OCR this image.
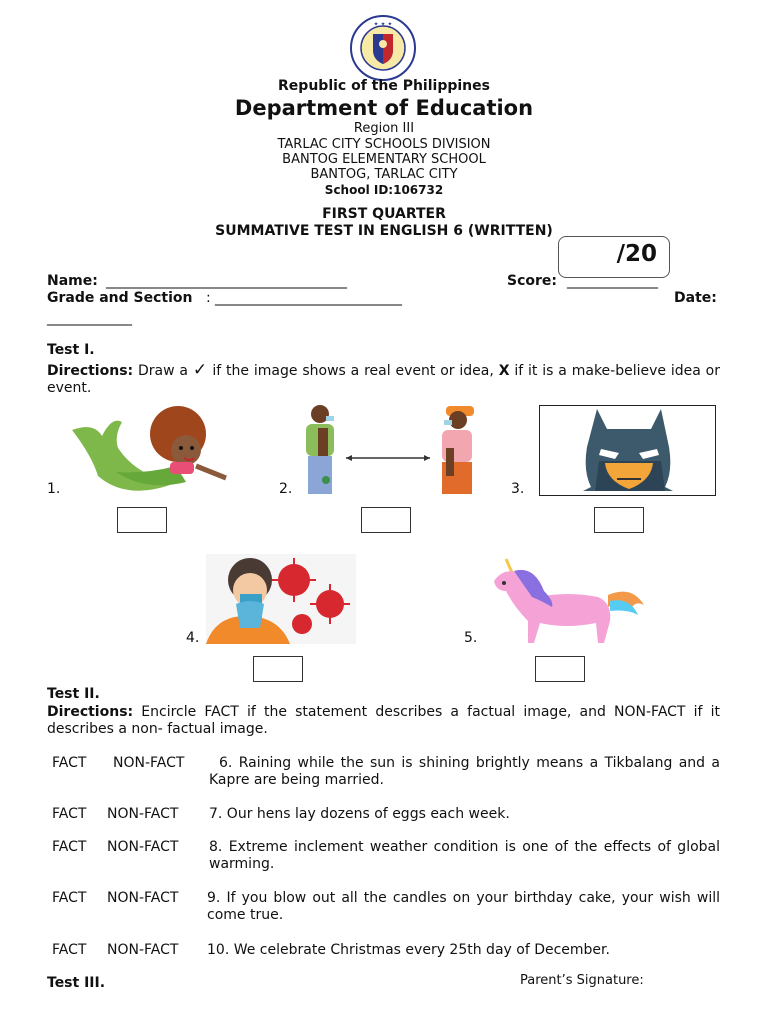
✦ ✦ ✦
Republic of the Philippines
Department of Education
Region III
TARLAC CITY SCHOOLS DIVISION
BANTOG ELEMENTARY SCHOOL
BANTOG, TARLAC CITY
School ID:106732
FIRST QUARTER
SUMMATIVE TEST IN ENGLISH 6 (WRITTEN)
/20
Name: ________________________________________	Score: _______________
Grade and Section : _______________________________	Date:
______________
Test I.
Directions: Draw a ✓ if the image shows a real event or idea, X if it is a make-believe idea or event.
1.	2.	3.
4.	5.
Test II.
Directions: Encircle FACT if the statement describes a factual image, and NON-FACT if it describes a non- factual image.
FACT NON-FACT	6. Raining while the sun is shining brightly means a Tikbalang and a Kapre are being married.
FACT NON-FACT 7. Our hens lay dozens of eggs each week.
FACT NON-FACT 8. Extreme inclement weather condition is one of the effects of global warming.
FACT NON-FACT 9. If you blow out all the candles on your birthday cake, your wish will come true.
FACT NON-FACT 10. We celebrate Christmas every 25th day of December.
Test III.	Parent’s Signature:
